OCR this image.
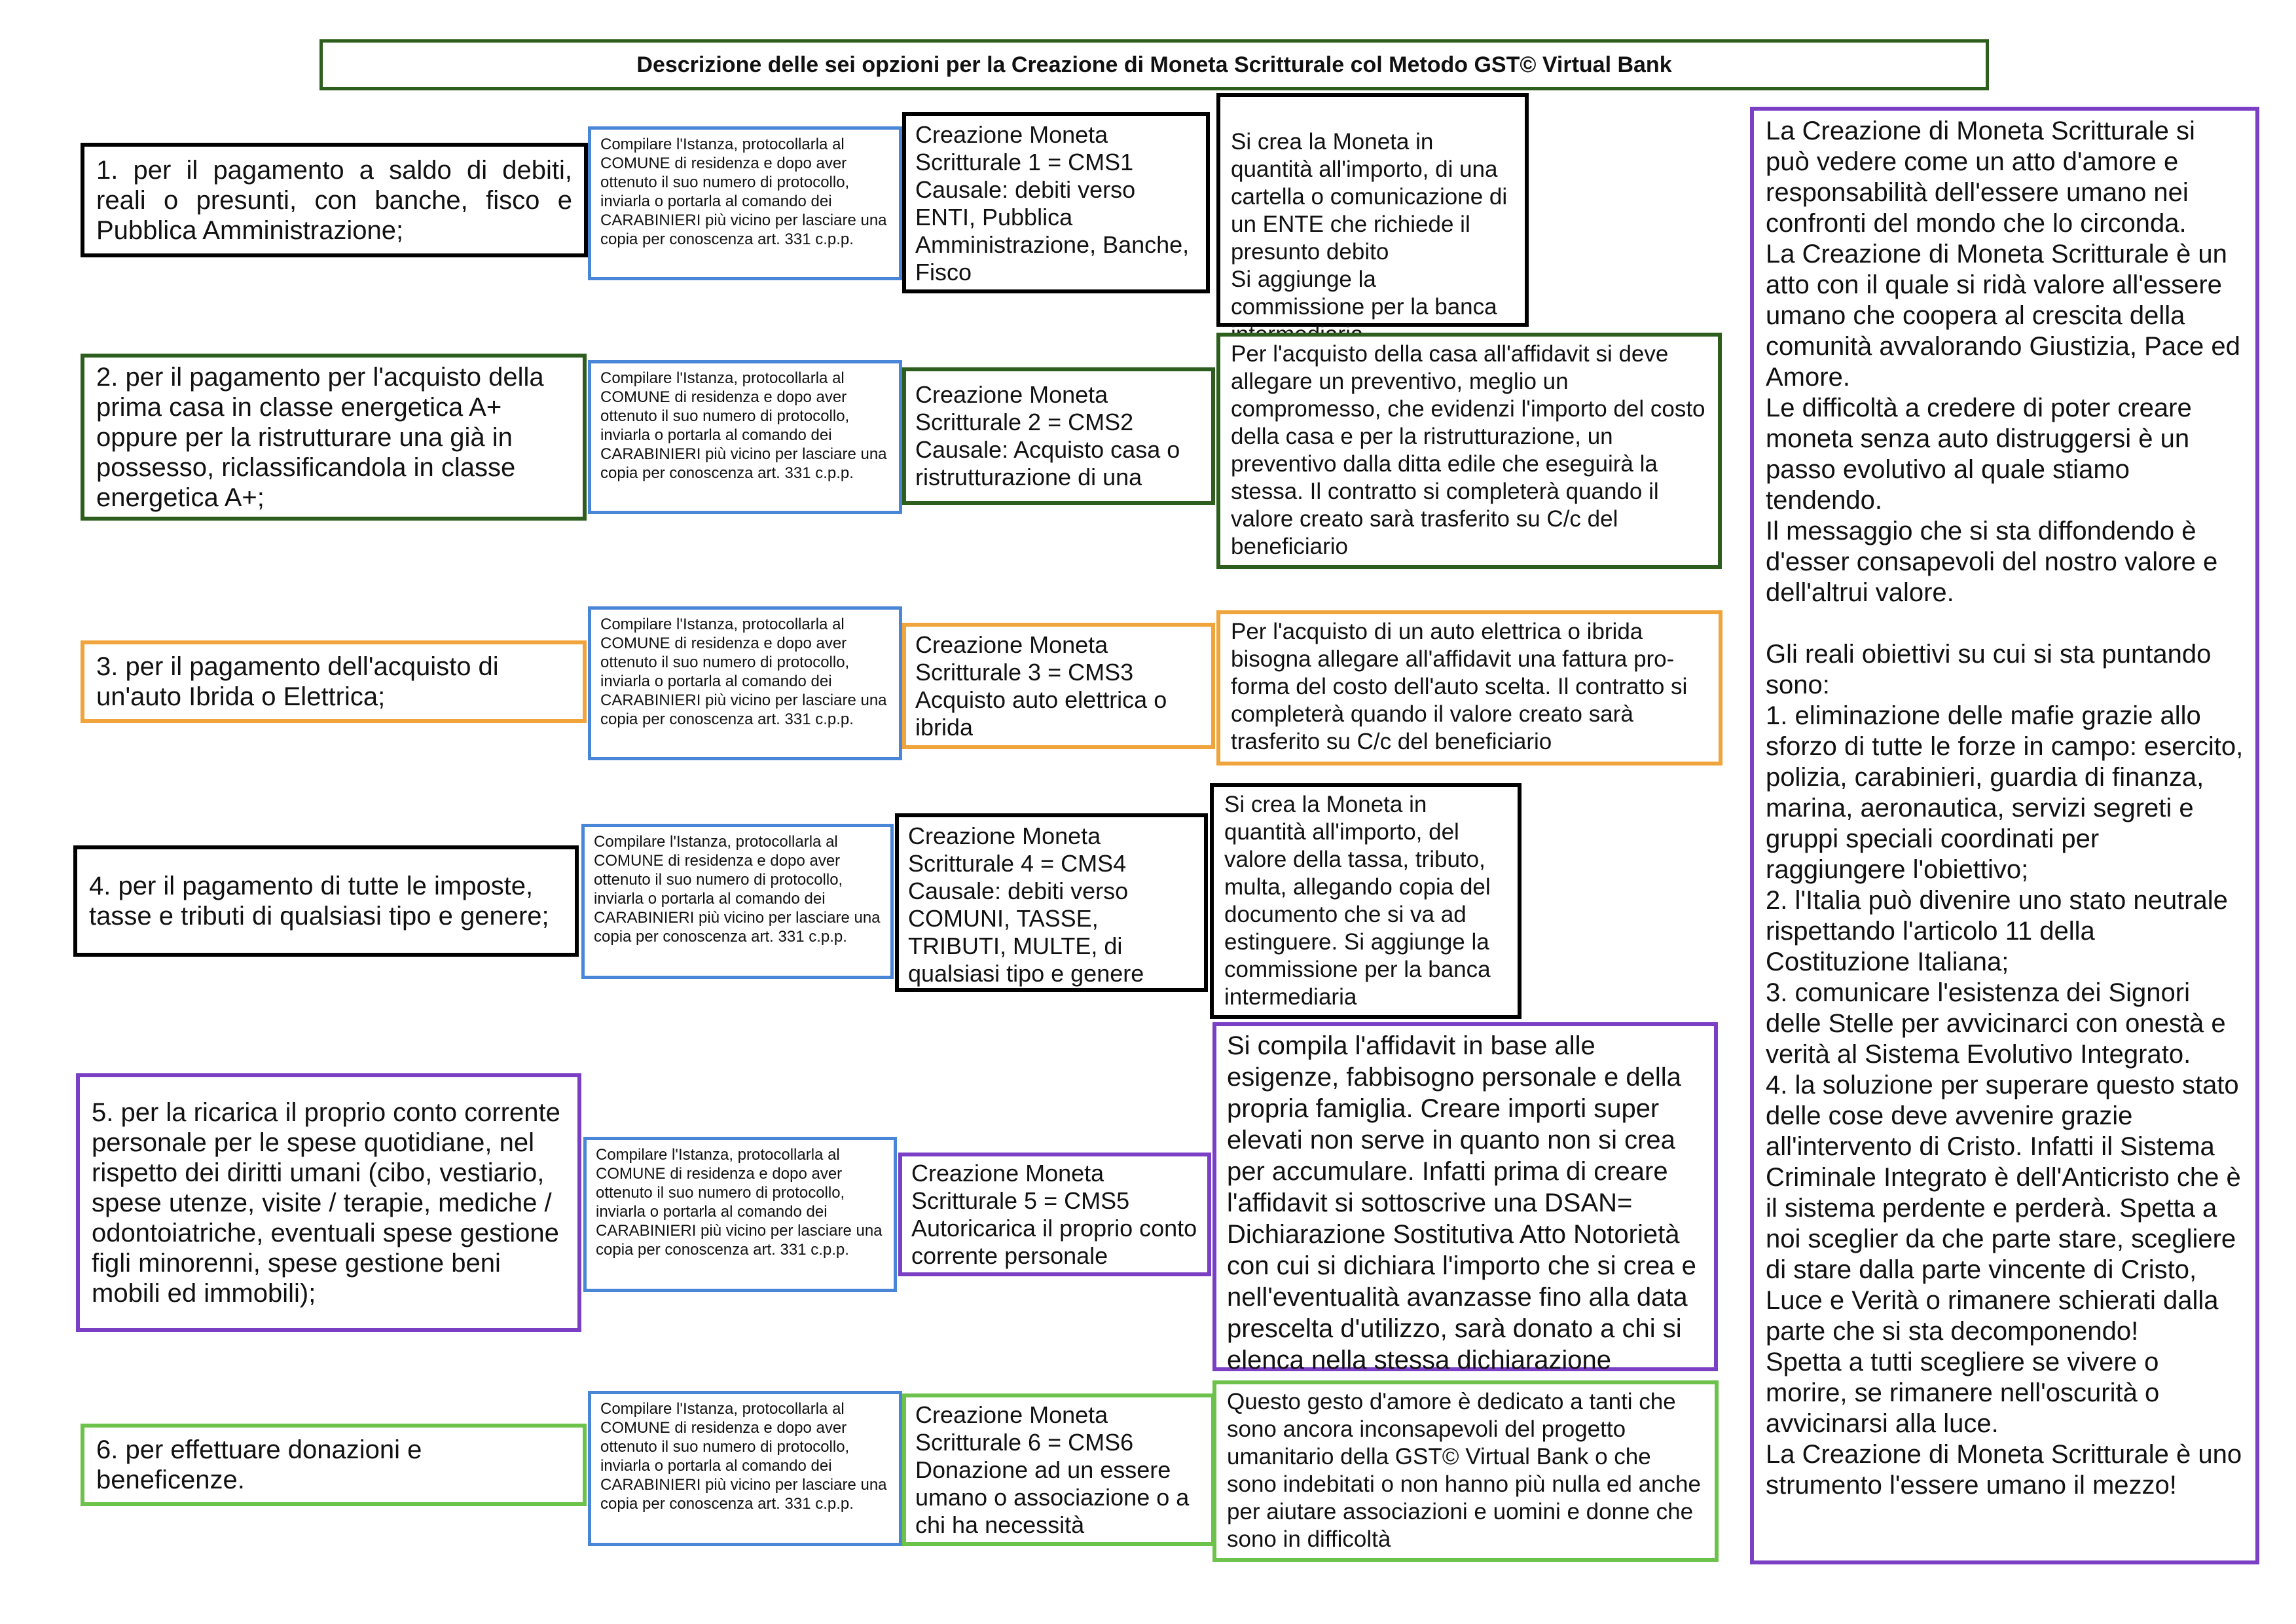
Descrizione delle sei opzioni per la Creazione di Moneta Scritturale col Metodo GST© Virtual Bank
1. per il pagamento a saldo di debiti, reali o presunti, con banche, fisco e Pubblica Amministrazione;
Compilare l'Istanza, protocollarla al COMUNE di residenza e dopo aver ottenuto il suo numero di protocollo, inviarla o portarla al comando dei CARABINIERI più vicino per lasciare una copia per conoscenza art. 331 c.p.p.
Creazione Moneta Scritturale 1 = CMS1 Causale: debiti verso ENTI, Pubblica Amministrazione, Banche, Fisco

Si crea la Moneta in quantità all'importo, di una cartella o comunicazione di un ENTE che richiede il presunto debito
Si aggiunge la commissione per la banca

2. per il pagamento per l'acquisto della prima casa in classe energetica A+ oppure per la ristrutturare una già in possesso, riclassificandola in classe energetica A+;
Compilare l'Istanza, protocollarla al COMUNE di residenza e dopo aver ottenuto il suo numero di protocollo, inviarla o portarla al comando dei CARABINIERI più vicino per lasciare una copia per conoscenza art. 331 c.p.p.
Creazione Moneta Scritturale 2 = CMS2 Causale: Acquisto casa o ristrutturazione di una
Per l'acquisto della casa all'affidavit si deve allegare un preventivo, meglio un compromesso, che evidenzi l'importo del costo della casa e per la ristrutturazione, un preventivo dalla ditta edile che eseguirà la stessa. Il contratto si completerà quando il valore creato sarà trasferito su C/c del beneficiario
3. per il pagamento dell'acquisto di un'auto Ibrida o Elettrica;
Compilare l'Istanza, protocollarla al COMUNE di residenza e dopo aver ottenuto il suo numero di protocollo, inviarla o portarla al comando dei CARABINIERI più vicino per lasciare una copia per conoscenza art. 331 c.p.p.
Creazione Moneta Scritturale 3 = CMS3 Acquisto auto elettrica o ibrida
Per l'acquisto di un auto elettrica o ibrida bisogna allegare all'affidavit una fattura pro-forma del costo dell'auto scelta. Il contratto si completerà quando il valore creato sarà trasferito su C/c del beneficiario
4. per il pagamento di tutte le imposte, tasse e tributi di qualsiasi tipo e genere;
Compilare l'Istanza, protocollarla al COMUNE di residenza e dopo aver ottenuto il suo numero di protocollo, inviarla o portarla al comando dei CARABINIERI più vicino per lasciare una copia per conoscenza art. 331 c.p.p.
Creazione Moneta Scritturale 4 = CMS4 Causale: debiti verso COMUNI, TASSE, TRIBUTI, MULTE, di qualsiasi tipo e genere
Si crea la Moneta in quantità all'importo, del valore della tassa, tributo, multa, allegando copia del documento che si va ad estinguere. Si aggiunge la commissione per la banca intermediaria
5. per la ricarica il proprio conto corrente personale per le spese quotidiane, nel rispetto dei diritti umani (cibo, vestiario, spese utenze, visite / terapie, mediche / odontoiatriche, eventuali spese gestione figli minorenni, spese gestione beni mobili ed immobili);
Compilare l'Istanza, protocollarla al COMUNE di residenza e dopo aver ottenuto il suo numero di protocollo, inviarla o portarla al comando dei CARABINIERI più vicino per lasciare una copia per conoscenza art. 331 c.p.p.
Creazione Moneta Scritturale 5 = CMS5 Autoricarica il proprio conto corrente personale
Si compila l'affidavit in base alle esigenze, fabbisogno personale e della propria famiglia. Creare importi super elevati non serve in quanto non si crea per accumulare. Infatti prima di creare l'affidavit si sottoscrive una DSAN= Dichiarazione Sostitutiva Atto Notorietà con cui si dichiara l'importo che si crea e nell'eventualità avanzasse fino alla data prescelta d'utilizzo, sarà donato a chi si elenca nella stessa dichiarazione
6. per effettuare donazioni e beneficenze.
Compilare l'Istanza, protocollarla al COMUNE di residenza e dopo aver ottenuto il suo numero di protocollo, inviarla o portarla al comando dei CARABINIERI più vicino per lasciare una copia per conoscenza art. 331 c.p.p.
Creazione Moneta Scritturale 6 = CMS6 Donazione ad un essere umano o associazione o a chi ha necessità
Questo gesto d'amore è dedicato a tanti che sono ancora inconsapevoli del progetto umanitario della GST© Virtual Bank o che sono indebitati o non hanno più nulla ed anche per aiutare associazioni e uomini e donne che sono in difficoltà

La Creazione di Moneta Scritturale si può vedere come un atto d'amore e responsabilità dell'essere umano nei confronti del mondo che lo circonda.

La Creazione di Moneta Scritturale è un atto con il quale si ridà valore all'essere umano che coopera al crescita della comunità avvalorando Giustizia, Pace ed Amore.

Le difficoltà a credere di poter creare moneta senza auto distruggersi è un passo evolutivo al quale stiamo tendendo.

Il messaggio che si sta diffondendo è d'esser consapevoli del nostro valore e dell'altrui valore.

Gli reali obiettivi su cui si sta puntando sono:

1. eliminazione delle mafie grazie allo sforzo di tutte le forze in campo: esercito, polizia, carabinieri, guardia di finanza, marina, aeronautica, servizi segreti e gruppi speciali coordinati per raggiungere l'obiettivo;

2. l'Italia può divenire uno stato neutrale rispettando l'articolo 11 della Costituzione Italiana;

3. comunicare l'esistenza dei Signori delle Stelle per avvicinarci con onestà e verità al Sistema Evolutivo Integrato.

4. la soluzione per superare questo stato delle cose deve avvenire grazie all'intervento di Cristo. Infatti il Sistema Criminale Integrato è dell'Anticristo che è il sistema perdente e perderà. Spetta a noi sceglier da che parte stare, scegliere di stare dalla parte vincente di Cristo, Luce e Verità o rimanere schierati dalla parte che si sta decomponendo!

Spetta a tutti scegliere se vivere o morire, se rimanere nell'oscurità o avvicinarsi alla luce.

La Creazione di Moneta Scritturale è uno strumento l'essere umano il mezzo!
